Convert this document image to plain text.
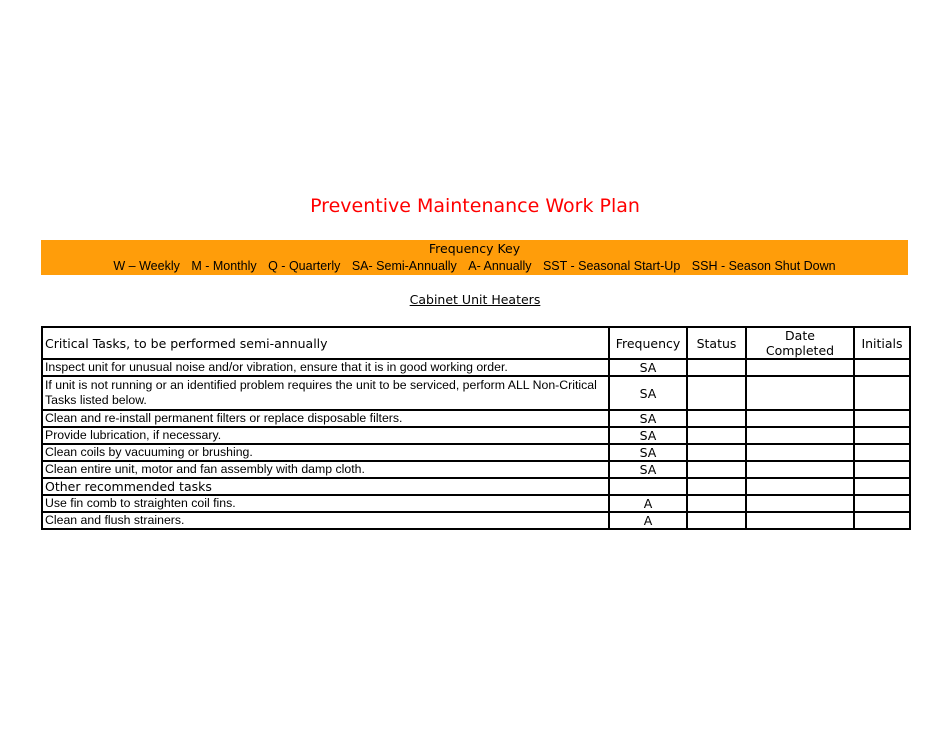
Preventive Maintenance Work Plan
Frequency Key
W – Weekly M - Monthly Q - Quarterly SA- Semi-Annually A- Annually SST - Seasonal Start-Up SSH - Season Shut Down
Cabinet Unit Heaters
Critical Tasks, to be performed semi-annually	Frequency	Status	Date Completed	Initials
Inspect unit for unusual noise and/or vibration, ensure that it is in good working order.	SA			
If unit is not running or an identified problem requires the unit to be serviced, perform ALL Non-Critical Tasks listed below.	SA			
Clean and re-install permanent filters or replace disposable filters.	SA			
Provide lubrication, if necessary.	SA			
Clean coils by vacuuming or brushing.	SA			
Clean entire unit, motor and fan assembly with damp cloth.	SA			
Other recommended tasks				
Use fin comb to straighten coil fins.	A			
Clean and flush strainers.	A			
